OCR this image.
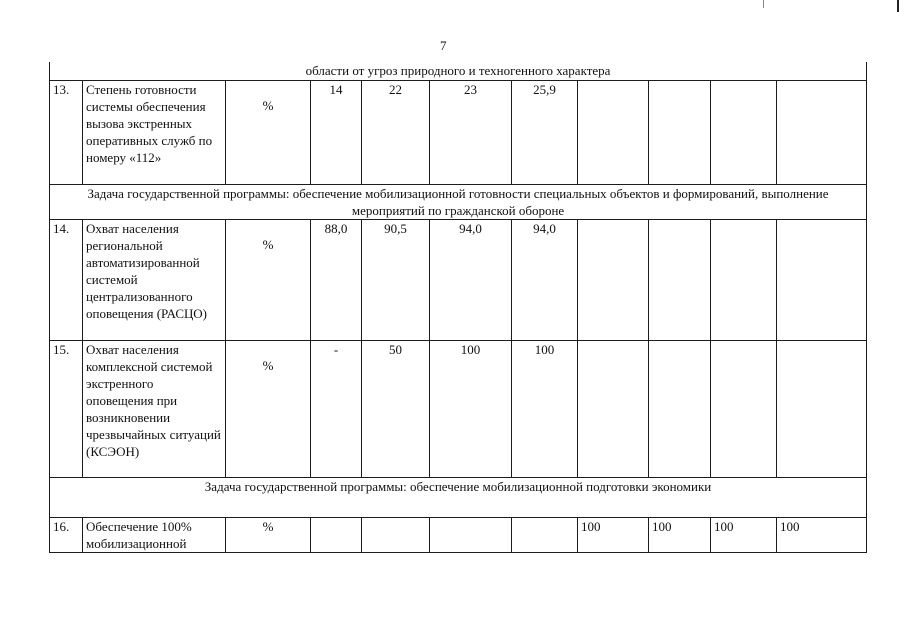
7
области от угроз природного и техногенного характера										
13.	Степень готовности системы обеспечения вызова экстренных оперативных служб по номеру «112»	%	14	22	23	25,9				
Задача государственной программы: обеспечение мобилизационной готовности специальных объектов и формирований, выполнение мероприятий по гражданской обороне										
14.	Охват населения региональной автоматизированной системой централизованного оповещения (РАСЦО)	%	88,0	90,5	94,0	94,0				
15.	Охват населения комплексной системой экстренного оповещения при возникновении чрезвычайных ситуаций (КСЭОН)	%	-	50	100	100				
Задача государственной программы: обеспечение мобилизационной подготовки экономики										
16.	Обеспечение 100% мобилизационной	%					100	100	100	100
